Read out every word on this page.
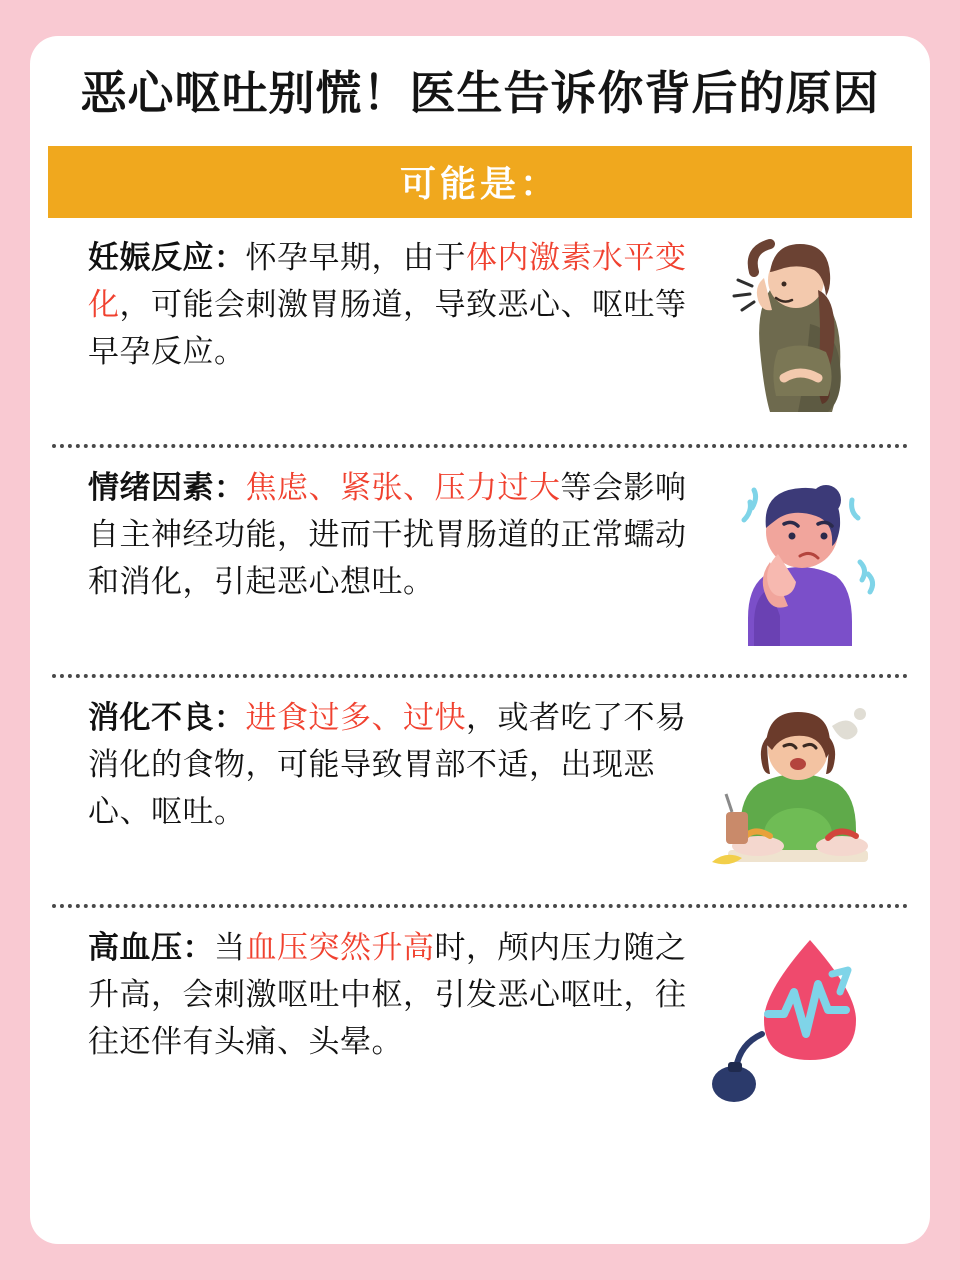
恶心呕吐别慌！医生告诉你背后的原因
可能是：
妊娠反应：怀孕早期，由于体内激素水平变化，可能会刺激胃肠道，导致恶心、呕吐等早孕反应。
情绪因素：焦虑、紧张、压力过大等会影响自主神经功能，进而干扰胃肠道的正常蠕动和消化，引起恶心想吐。
消化不良：进食过多、过快，或者吃了不易消化的食物，可能导致胃部不适，出现恶心、呕吐。
高血压：当血压突然升高时，颅内压力随之升高，会刺激呕吐中枢，引发恶心呕吐，往往还伴有头痛、头晕。
